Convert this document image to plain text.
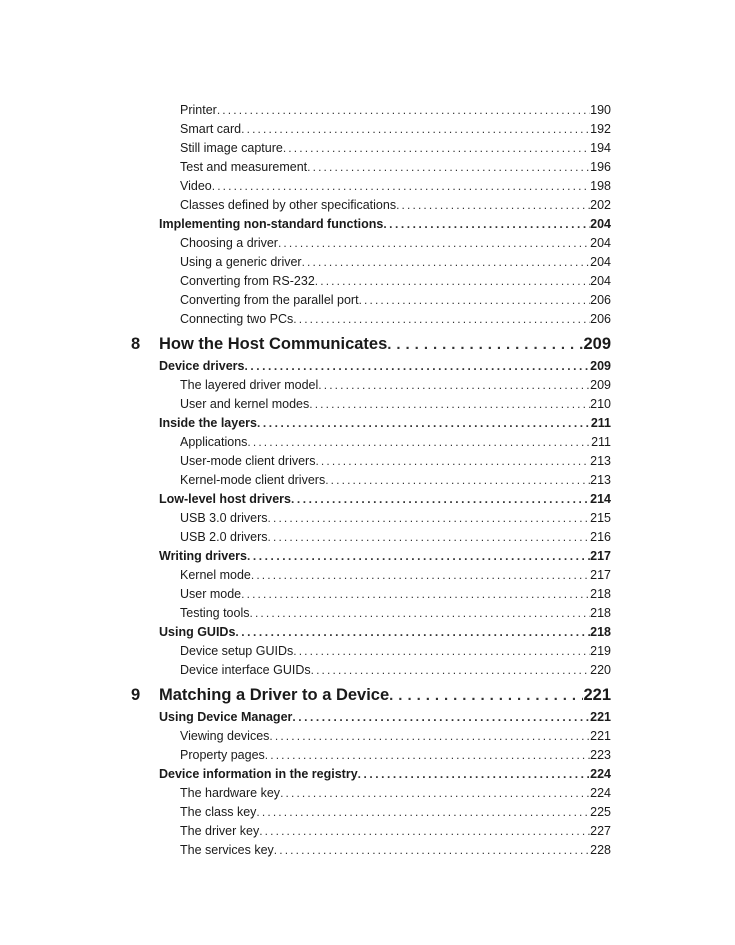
Printer . . .	190
Smart card . . .	192
Still image capture . . .	194
Test and measurement . . .	196
Video . . .	198
Classes defined by other specifications . . .	202
Implementing non-standard functions . . .	204
Choosing a driver . . .	204
Using a generic driver . . .	204
Converting from RS-232 . . .	204
Converting from the parallel port . . .	206
Connecting two PCs . . .	206
8 How the Host Communicates . . .	209
Device drivers . . .	209
The layered driver model . . .	209
User and kernel modes . . .	210
Inside the layers . . .	211
Applications . . .	211
User-mode client drivers . . .	213
Kernel-mode client drivers . . .	213
Low-level host drivers . . .	214
USB 3.0 drivers . . .	215
USB 2.0 drivers . . .	216
Writing drivers . . .	217
Kernel mode . . .	217
User mode . . .	218
Testing tools . . .	218
Using GUIDs . . .	218
Device setup GUIDs . . .	219
Device interface GUIDs . . .	220
9 Matching a Driver to a Device . . .	221
Using Device Manager . . .	221
Viewing devices . . .	221
Property pages . . .	223
Device information in the registry . . .	224
The hardware key . . .	224
The class key . . .	225
The driver key . . .	227
The services key . . .	228
